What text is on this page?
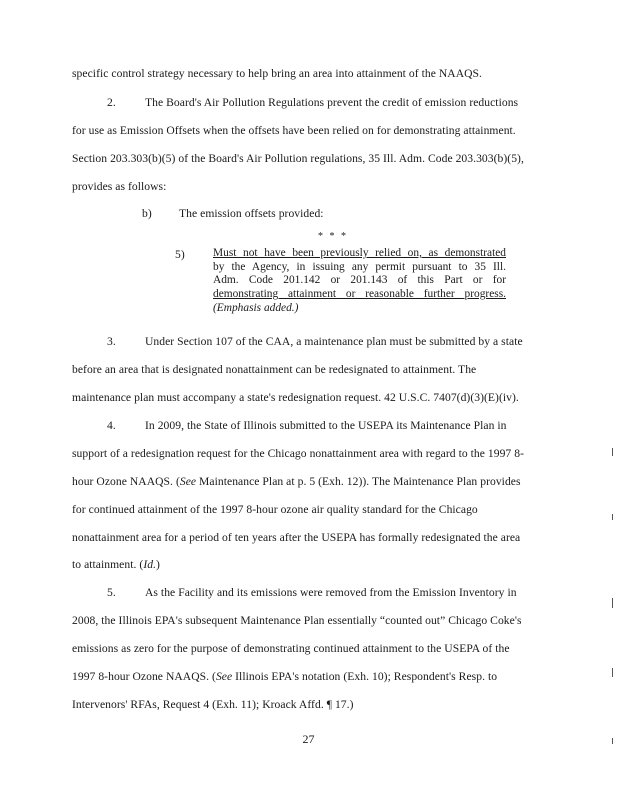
specific control strategy necessary to help bring an area into attainment of the NAAQS.
2.	The Board's Air Pollution Regulations prevent the credit of emission reductions
for use as Emission Offsets when the offsets have been relied on for demonstrating attainment.
Section 203.303(b)(5) of the Board's Air Pollution regulations, 35 Ill. Adm. Code 203.303(b)(5),
provides as follows:
b) The emission offsets provided:
* * *
5) Must not have been previously relied on, as demonstrated
by the Agency, in issuing any permit pursuant to 35 Ill.
Adm. Code 201.142 or 201.143 of this Part or for
demonstrating attainment or reasonable further progress.
(Emphasis added.)
3.	Under Section 107 of the CAA, a maintenance plan must be submitted by a state
before an area that is designated nonattainment can be redesignated to attainment. The
maintenance plan must accompany a state's redesignation request. 42 U.S.C. 7407(d)(3)(E)(iv).
4.	In 2009, the State of Illinois submitted to the USEPA its Maintenance Plan in
support of a redesignation request for the Chicago nonattainment area with regard to the 1997 8-
hour Ozone NAAQS. (See Maintenance Plan at p. 5 (Exh. 12)). The Maintenance Plan provides
for continued attainment of the 1997 8-hour ozone air quality standard for the Chicago
nonattainment area for a period of ten years after the USEPA has formally redesignated the area
to attainment. (Id.)
5.	As the Facility and its emissions were removed from the Emission Inventory in
2008, the Illinois EPA's subsequent Maintenance Plan essentially “counted out” Chicago Coke's
emissions as zero for the purpose of demonstrating continued attainment to the USEPA of the
1997 8-hour Ozone NAAQS. (See Illinois EPA's notation (Exh. 10); Respondent's Resp. to
Intervenors' RFAs, Request 4 (Exh. 11); Kroack Affd. ¶ 17.)
27
